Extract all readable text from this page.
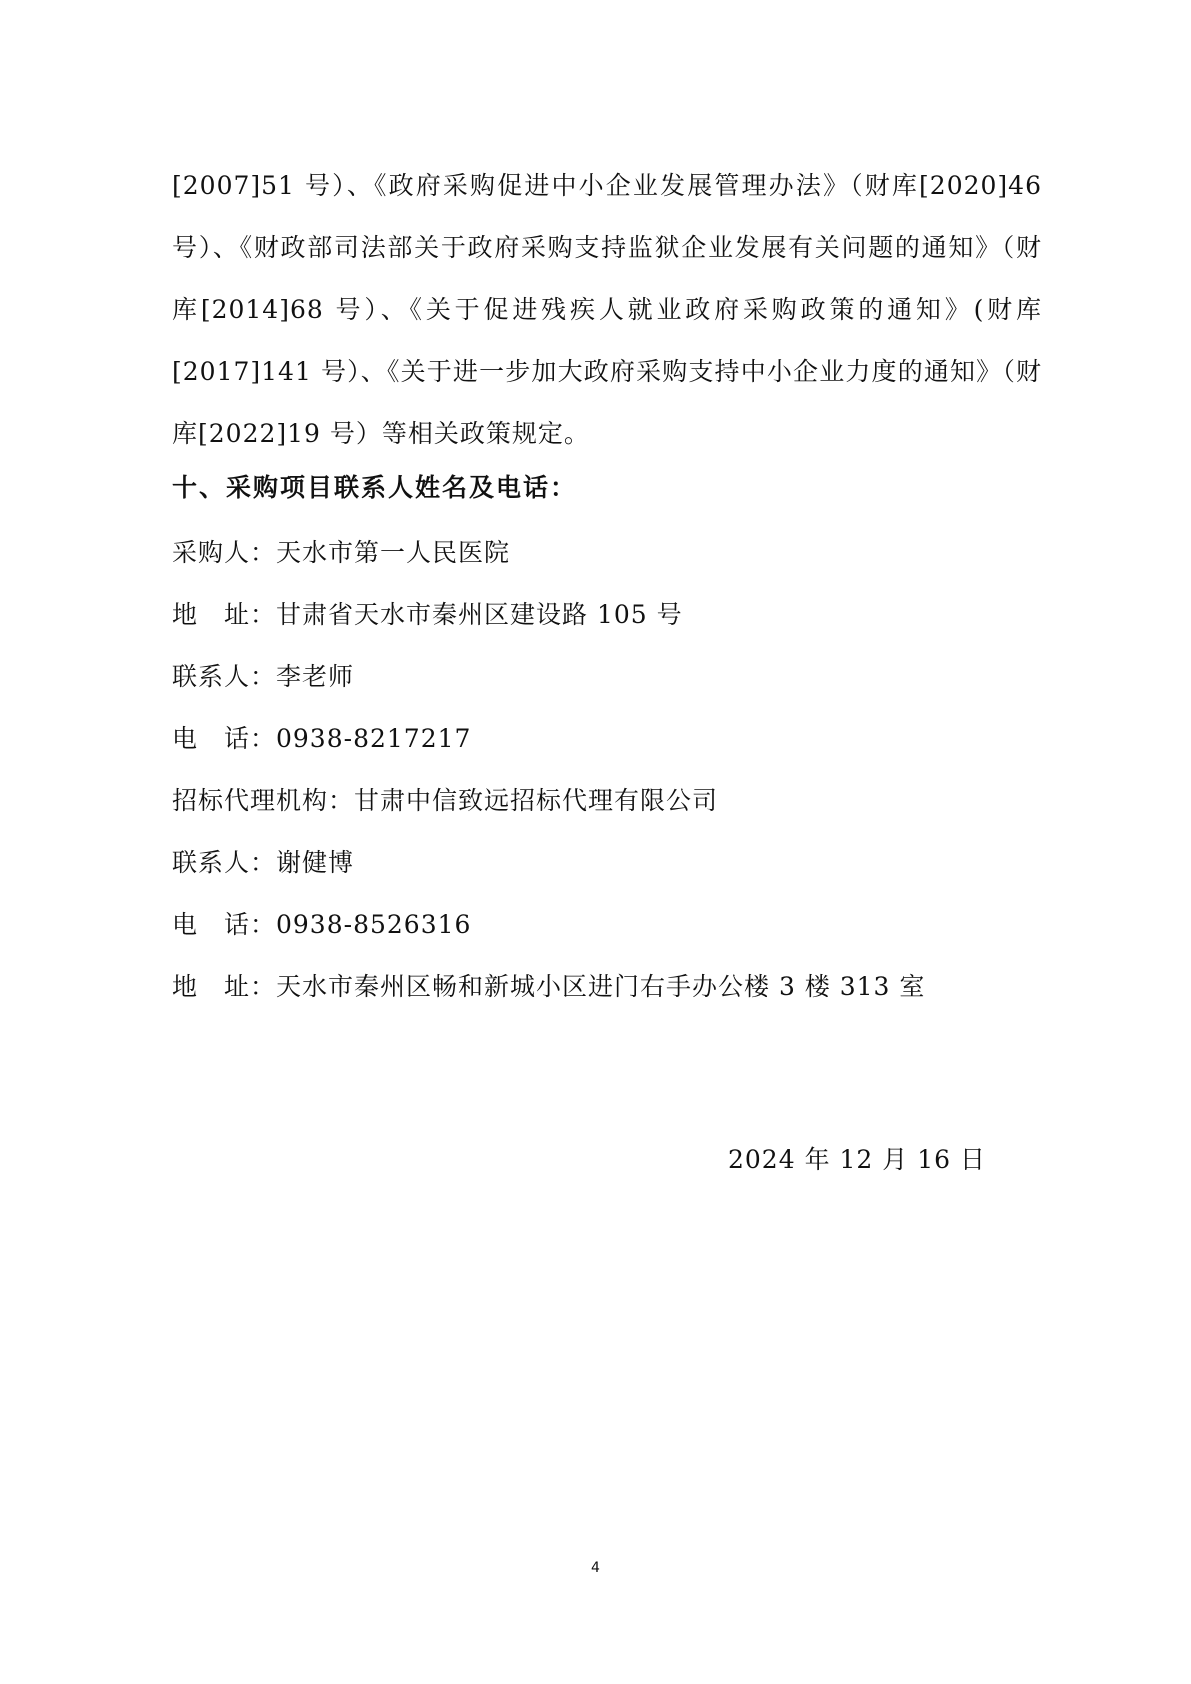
[2007]51 号）、《政府采购促进中小企业发展管理办法》（财库[2020]46号）、《财政部司法部关于政府采购支持监狱企业发展有关问题的通知》（财库[2014]68 号）、《关于促进残疾人就业政府采购政策的通知》(财库[2017]141 号）、《关于进一步加大政府采购支持中小企业力度的通知》（财库[2022]19 号）等相关政策规定。

十、采购项目联系人姓名及电话：
采购人：天水市第一人民医院
地　址：甘肃省天水市秦州区建设路 105 号
联系人：李老师
电　话：0938-8217217
招标代理机构：甘肃中信致远招标代理有限公司
联系人：谢健博
电　话：0938-8526316
地　址：天水市秦州区畅和新城小区进门右手办公楼 3 楼 313 室
2024 年 12 月 16 日
4
